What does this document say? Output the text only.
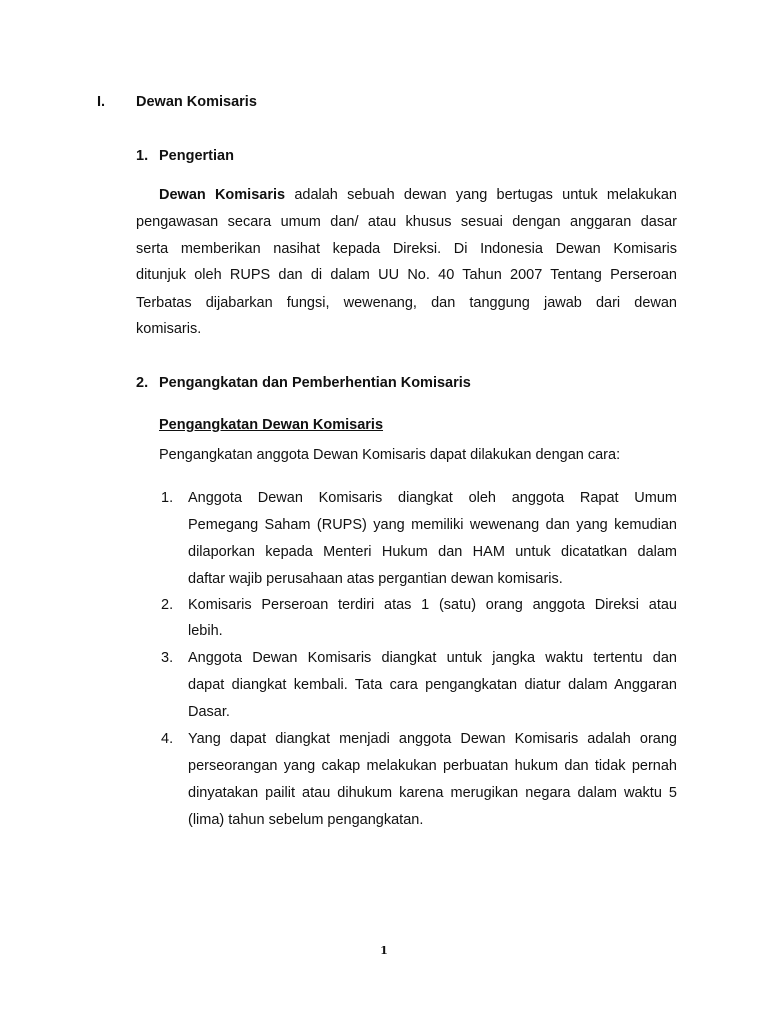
I. Dewan Komisaris
1. Pengertian
Dewan Komisaris adalah sebuah dewan yang bertugas untuk melakukan
pengawasan secara umum dan/ atau khusus sesuai dengan anggaran dasar
serta memberikan nasihat kepada Direksi. Di Indonesia Dewan Komisaris
ditunjuk oleh RUPS dan di dalam UU No. 40 Tahun 2007 Tentang Perseroan
Terbatas dijabarkan fungsi, wewenang, dan tanggung jawab dari dewan
komisaris.
2. Pengangkatan dan Pemberhentian Komisaris
Pengangkatan Dewan Komisaris
Pengangkatan anggota Dewan Komisaris dapat dilakukan dengan cara:
1. Anggota Dewan Komisaris diangkat oleh anggota Rapat Umum
Pemegang Saham (RUPS) yang memiliki wewenang dan yang kemudian
dilaporkan kepada Menteri Hukum dan HAM untuk dicatatkan dalam
daftar wajib perusahaan atas pergantian dewan komisaris.
2. Komisaris Perseroan terdiri atas 1 (satu) orang anggota Direksi atau
lebih.
3. Anggota Dewan Komisaris diangkat untuk jangka waktu tertentu dan
dapat diangkat kembali. Tata cara pengangkatan diatur dalam Anggaran
Dasar.
4. Yang dapat diangkat menjadi anggota Dewan Komisaris adalah orang
perseorangan yang cakap melakukan perbuatan hukum dan tidak pernah
dinyatakan pailit atau dihukum karena merugikan negara dalam waktu 5
(lima) tahun sebelum pengangkatan.
1
